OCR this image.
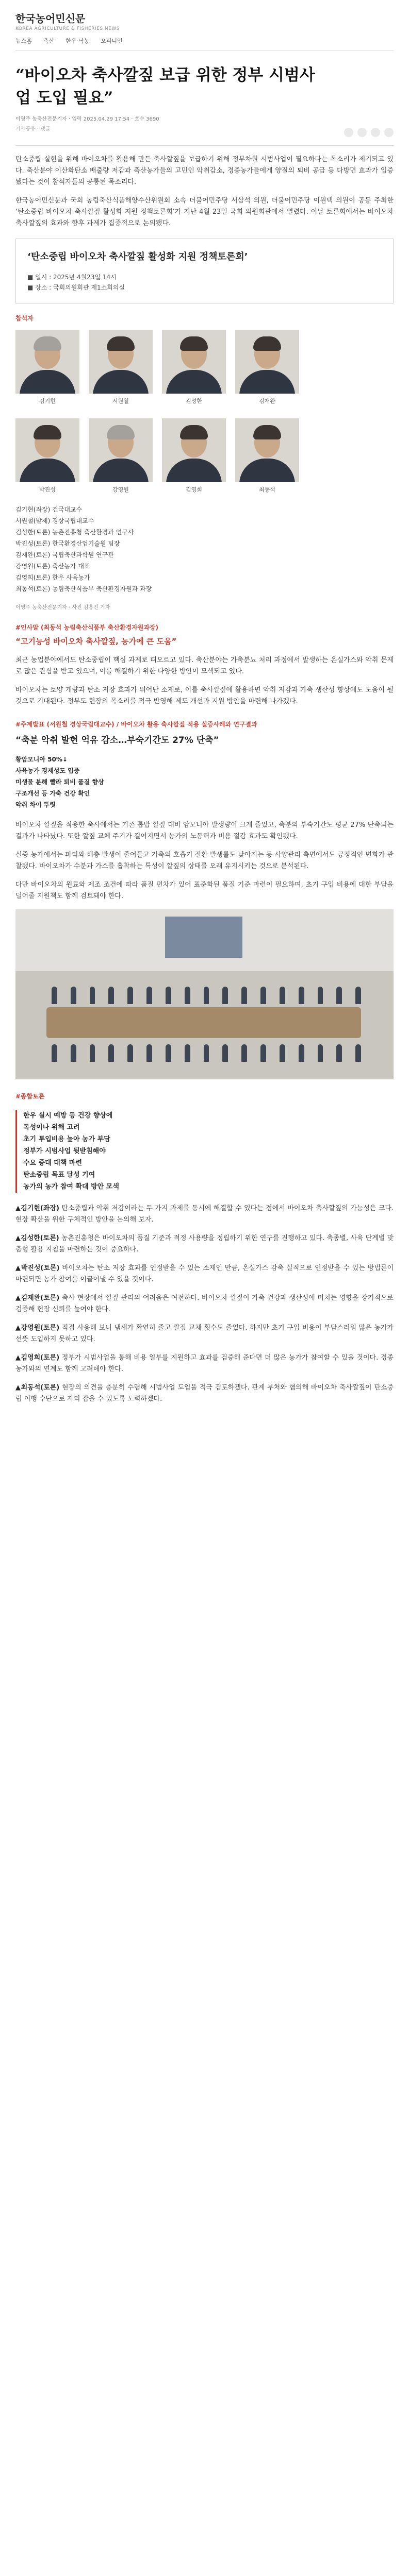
한국농어민신문
KOREA AGRICULTURE & FISHERIES NEWS
뉴스홈 축산 한우·낙농 오피니언
“바이오차 축사깔짚 보급 위한 정부 시범사업 도입 필요”
이영주 농축산전문기자 · 입력 2025.04.29 17:54 · 호수 3690
기사공유 · 댓글

탄소중립 실현을 위해 바이오차를 활용해 만든 축사깔짚을 보급하기 위해 정부차원 시범사업이 필요하다는 목소리가 제기되고 있다. 축산분야 이산화탄소 배출량 저감과 축산농가들의 고민인 악취감소, 경종농가들에게 양질의 퇴비 공급 등 다방면 효과가 입증됐다는 것이 참석자들의 공통된 목소리다.

한국농어민신문과 국회 농림축산식품해양수산위원회 소속 더불어민주당 서삼석 의원, 더불어민주당 이원택 의원이 공동 주최한 ‘탄소중립 바이오차 축사깔짚 활성화 지원 정책토론회’가 지난 4월 23일 국회 의원회관에서 열렸다. 이날 토론회에서는 바이오차 축사깔짚의 효과와 향후 과제가 집중적으로 논의됐다.

‘탄소중립 바이오차 축사깔짚 활성화 지원 정책토론회’
■ 일시 : 2025년 4월23일 14시
■ 장소 : 국회의원회관 제1소회의실
참석자
김기현	서원철	김성한	김재완
박진성	강영원	김영희	최동석
김기현(좌장) 건국대교수
서원철(발제) 경상국립대교수
김성한(토론) 농촌진흥청 축산환경과 연구사
박진성(토론) 한국환경산업기술원 팀장
김재완(토론) 국립축산과학원 연구관
강영원(토론) 축산농가 대표
김영희(토론) 한우 사육농가
최동석(토론) 농림축산식품부 축산환경자원과 과장
이영주 농축산전문기자 · 사진 김흥진 기자
#인사말 (최동석 농림축산식품부 축산환경자원과장)
“고기능성 바이오차 축사깔짚, 농가에 큰 도움”

최근 농업분야에서도 탄소중립이 핵심 과제로 떠오르고 있다. 축산분야는 가축분뇨 처리 과정에서 발생하는 온실가스와 악취 문제로 많은 관심을 받고 있으며, 이를 해결하기 위한 다양한 방안이 모색되고 있다.

바이오차는 토양 개량과 탄소 저장 효과가 뛰어난 소재로, 이를 축사깔짚에 활용하면 악취 저감과 가축 생산성 향상에도 도움이 될 것으로 기대된다. 정부도 현장의 목소리를 적극 반영해 제도 개선과 지원 방안을 마련해 나가겠다.

#주제발표 (서원철 경상국립대교수) / 바이오차 활용 축사깔짚 적용 실증사례와 연구결과
“축분 악취 발현 억유 감소…부숙기간도 27% 단축”
황암모니아 50%↓
사육농가 경제성도 입증
미생물 분해 빨라 퇴비 품질 향상
구조개선 등 가축 건강 확인
악취 차이 뚜렷

바이오차 깔짚을 적용한 축사에서는 기존 톱밥 깔짚 대비 암모니아 발생량이 크게 줄었고, 축분의 부숙기간도 평균 27% 단축되는 결과가 나타났다. 또한 깔짚 교체 주기가 길어지면서 농가의 노동력과 비용 절감 효과도 확인됐다.

실증 농가에서는 파리와 해충 발생이 줄어들고 가축의 호흡기 질환 발생률도 낮아지는 등 사양관리 측면에서도 긍정적인 변화가 관찰됐다. 바이오차가 수분과 가스를 흡착하는 특성이 깔짚의 상태를 오래 유지시키는 것으로 분석된다.

다만 바이오차의 원료와 제조 조건에 따라 품질 편차가 있어 표준화된 품질 기준 마련이 필요하며, 초기 구입 비용에 대한 부담을 덜어줄 지원책도 함께 검토돼야 한다.

#종합토론
한우 실시 예방 등 건강 향상에
독성이나 위해 고려
초기 투입비용 높아 농가 부담
정부가 시범사업 뒷받침해야
수요 증대 대책 마련
탄소중립 목표 달성 기여
농가의 농가 참여 확대 방안 모색

▲김기현(좌장) 탄소중립과 악취 저감이라는 두 가지 과제를 동시에 해결할 수 있다는 점에서 바이오차 축사깔짚의 가능성은 크다. 현장 확산을 위한 구체적인 방안을 논의해 보자.

▲김성한(토론) 농촌진흥청은 바이오차의 품질 기준과 적정 사용량을 정립하기 위한 연구를 진행하고 있다. 축종별, 사육 단계별 맞춤형 활용 지침을 마련하는 것이 중요하다.

▲박진성(토론) 바이오차는 탄소 저장 효과를 인정받을 수 있는 소재인 만큼, 온실가스 감축 실적으로 인정받을 수 있는 방법론이 마련되면 농가 참여를 이끌어낼 수 있을 것이다.

▲김재완(토론) 축사 현장에서 깔짚 관리의 어려움은 여전하다. 바이오차 깔짚이 가축 건강과 생산성에 미치는 영향을 장기적으로 검증해 현장 신뢰를 높여야 한다.

▲강영원(토론) 직접 사용해 보니 냄새가 확연히 줄고 깔짚 교체 횟수도 줄었다. 하지만 초기 구입 비용이 부담스러워 많은 농가가 선뜻 도입하지 못하고 있다.

▲김영희(토론) 정부가 시범사업을 통해 비용 일부를 지원하고 효과를 검증해 준다면 더 많은 농가가 참여할 수 있을 것이다. 경종농가와의 연계도 함께 고려해야 한다.

▲최동석(토론) 현장의 의견을 충분히 수렴해 시범사업 도입을 적극 검토하겠다. 관계 부처와 협의해 바이오차 축사깔짚이 탄소중립 이행 수단으로 자리 잡을 수 있도록 노력하겠다.
